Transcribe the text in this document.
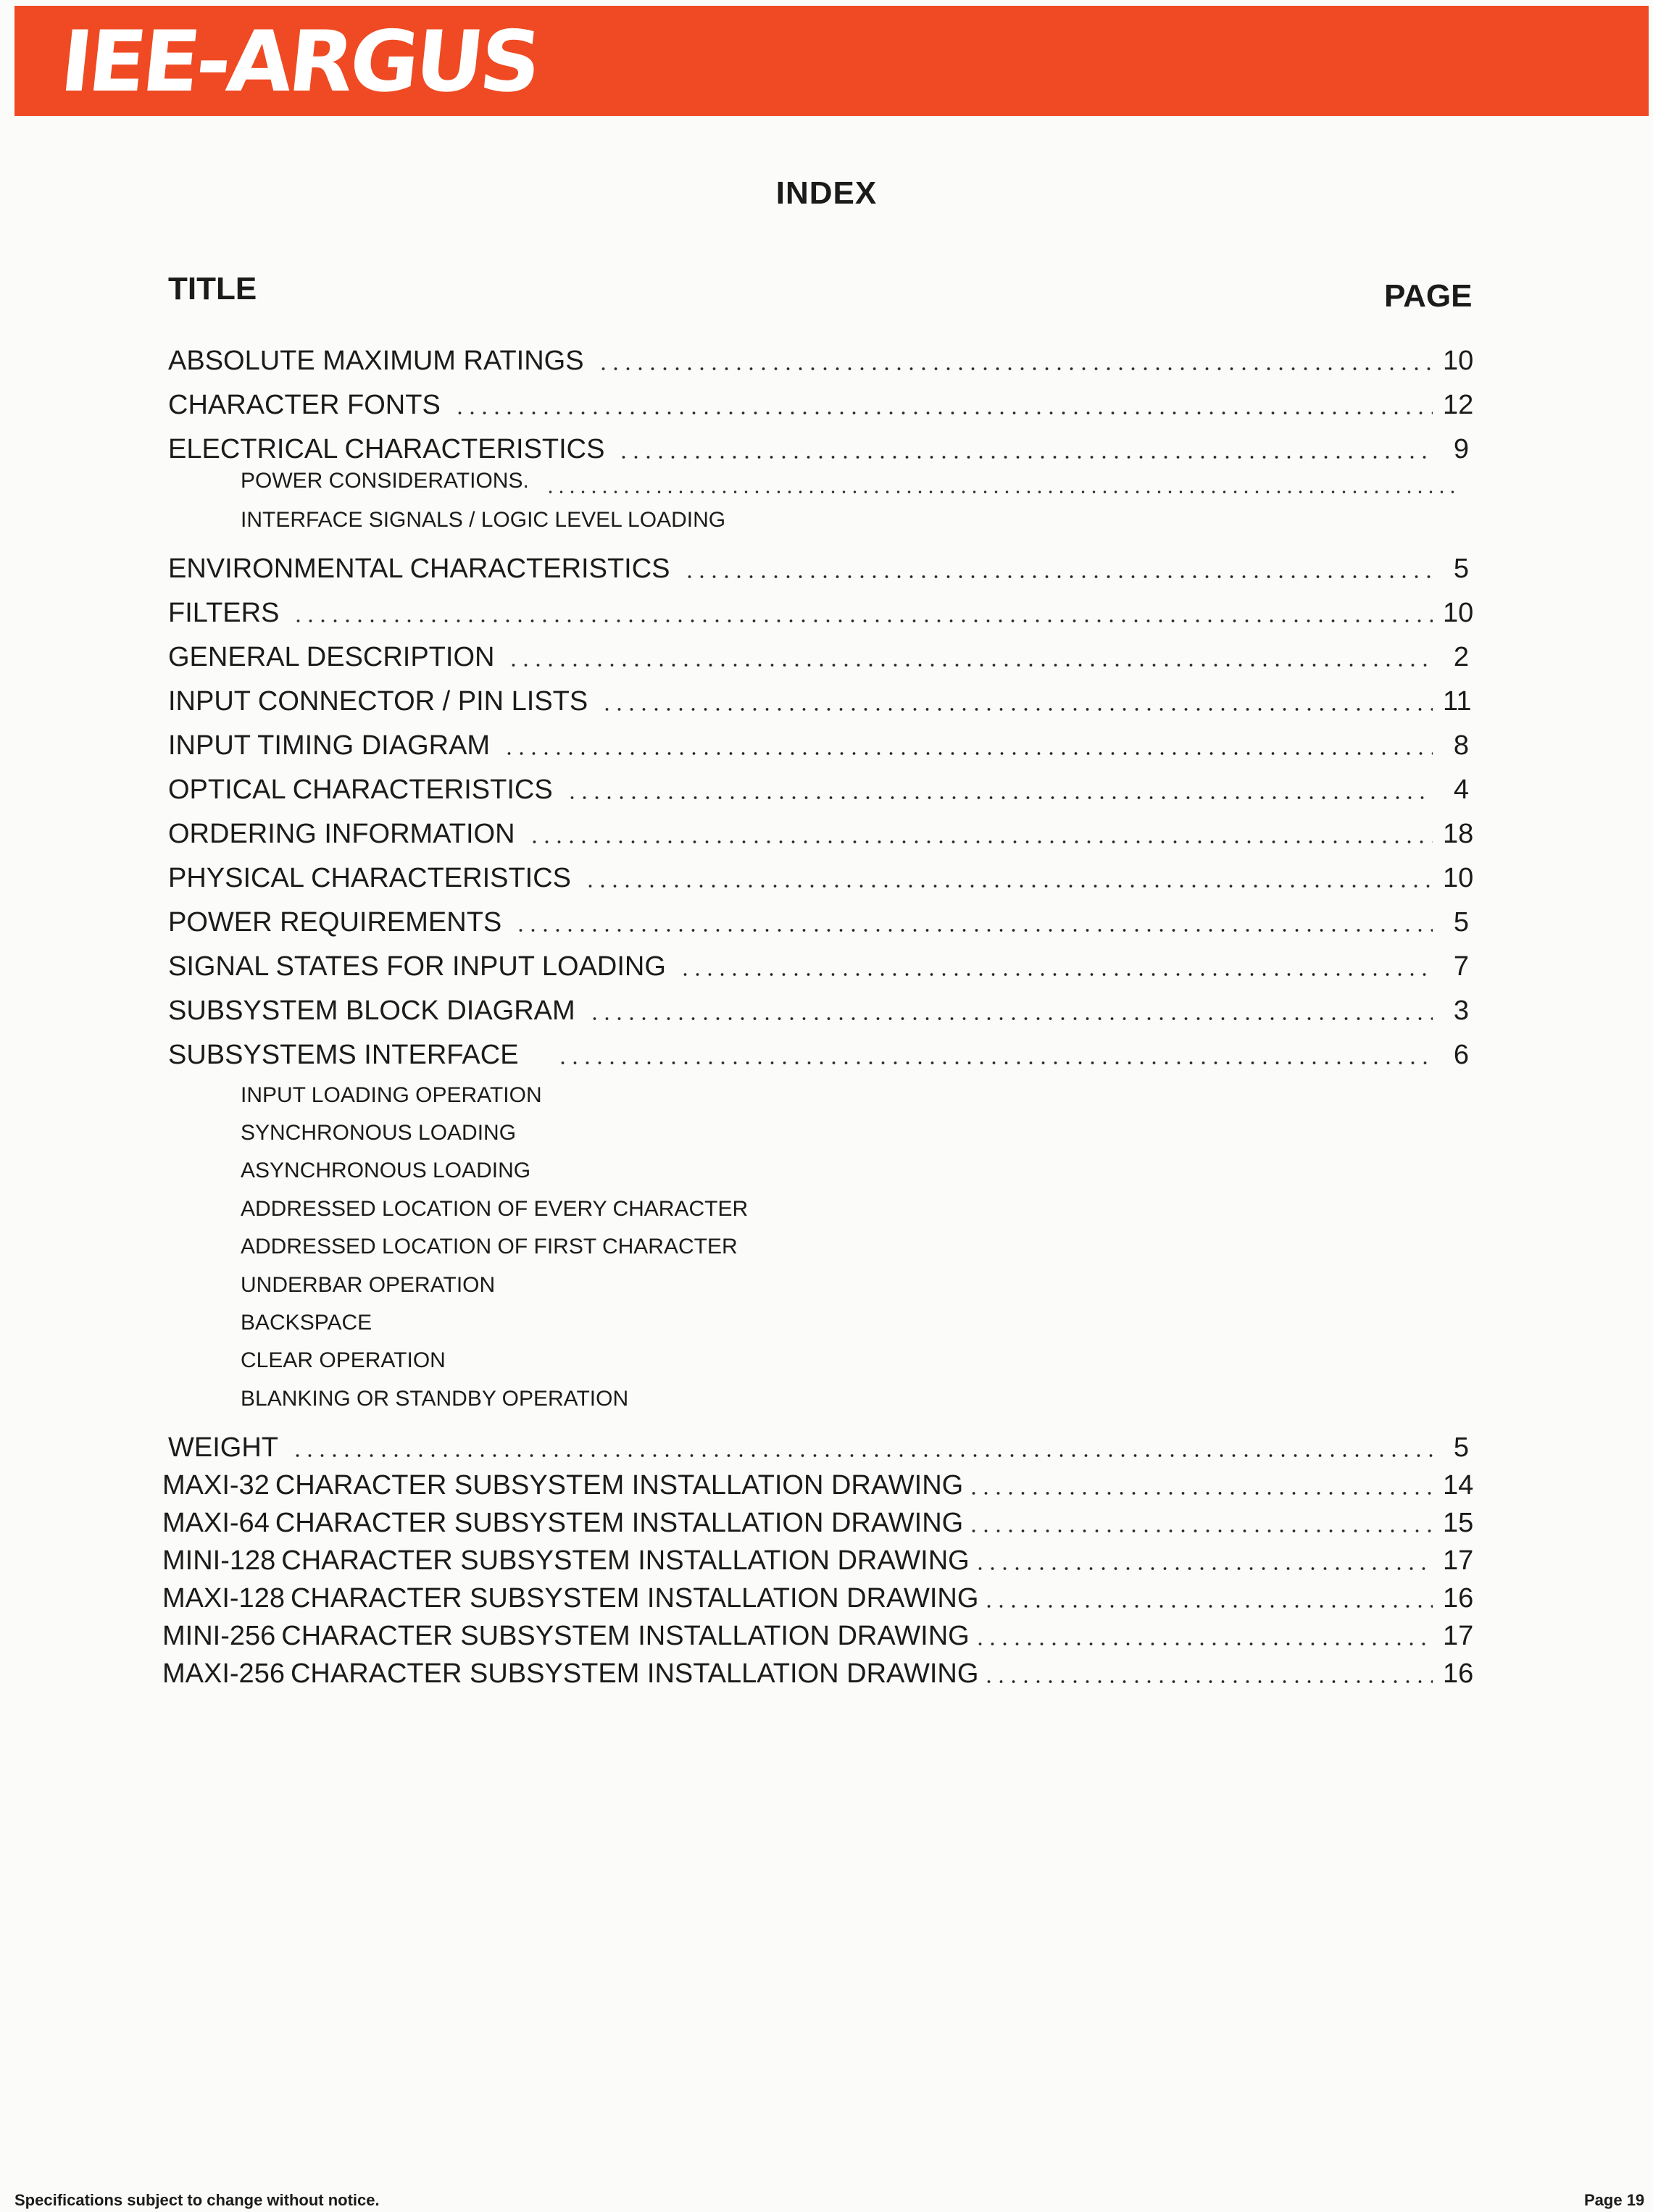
IEE-ARGUS
INDEX
TITLE	PAGE
ABSOLUTE MAXIMUM RATINGS	10
CHARACTER FONTS	12
ELECTRICAL CHARACTERISTICS	9
POWER CONSIDERATIONS.
INTERFACE SIGNALS / LOGIC LEVEL LOADING
ENVIRONMENTAL CHARACTERISTICS	5
FILTERS	10
GENERAL DESCRIPTION	2
INPUT CONNECTOR / PIN LISTS	11
INPUT TIMING DIAGRAM	8
OPTICAL CHARACTERISTICS	4
ORDERING INFORMATION	18
PHYSICAL CHARACTERISTICS	10
POWER REQUIREMENTS	5
SIGNAL STATES FOR INPUT LOADING	7
SUBSYSTEM BLOCK DIAGRAM	3
SUBSYSTEMS INTERFACE	6
INPUT LOADING OPERATION
SYNCHRONOUS LOADING
ASYNCHRONOUS LOADING
ADDRESSED LOCATION OF EVERY CHARACTER
ADDRESSED LOCATION OF FIRST CHARACTER
UNDERBAR OPERATION
BACKSPACE
CLEAR OPERATION
BLANKING OR STANDBY OPERATION
WEIGHT	5
MAXI-32 CHARACTER SUBSYSTEM INSTALLATION DRAWING	14
MAXI-64 CHARACTER SUBSYSTEM INSTALLATION DRAWING	15
MINI-128 CHARACTER SUBSYSTEM INSTALLATION DRAWING	17
MAXI-128 CHARACTER SUBSYSTEM INSTALLATION DRAWING	16
MINI-256 CHARACTER SUBSYSTEM INSTALLATION DRAWING	17
MAXI-256 CHARACTER SUBSYSTEM INSTALLATION DRAWING	16
Specifications subject to change without notice.	Page 19
